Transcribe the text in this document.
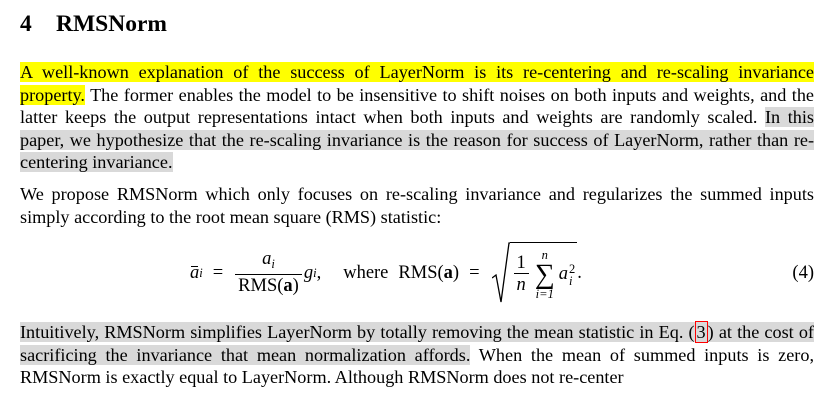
4 RMSNorm

A well-known explanation of the success of LayerNorm is its re-centering and re-scaling invariance property. The former enables the model to be insensitive to shift noises on both inputs and weights, and the latter keeps the output representations intact when both inputs and weights are randomly scaled. In this paper, we hypothesize that the re-scaling invariance is the reason for success of LayerNorm, rather than re-centering invariance.

We propose RMSNorm which only focuses on re-scaling invariance and regularizes the summed inputs simply according to the root mean square (RMS) statistic:

a $i = \frac{a_i}{\text{RMS(a)}}$ g i , where RMS( a ) = $\frac{1}{n}$ n
∑
i=1
a 2
i .	(4)

Intuitively, RMSNorm simplifies LayerNorm by totally removing the mean statistic in Eq. ( 3 ) at the cost of sacrificing the invariance that mean normalization affords. When the mean of summed inputs is zero, RMSNorm is exactly equal to LayerNorm. Although RMSNorm does not re-center
